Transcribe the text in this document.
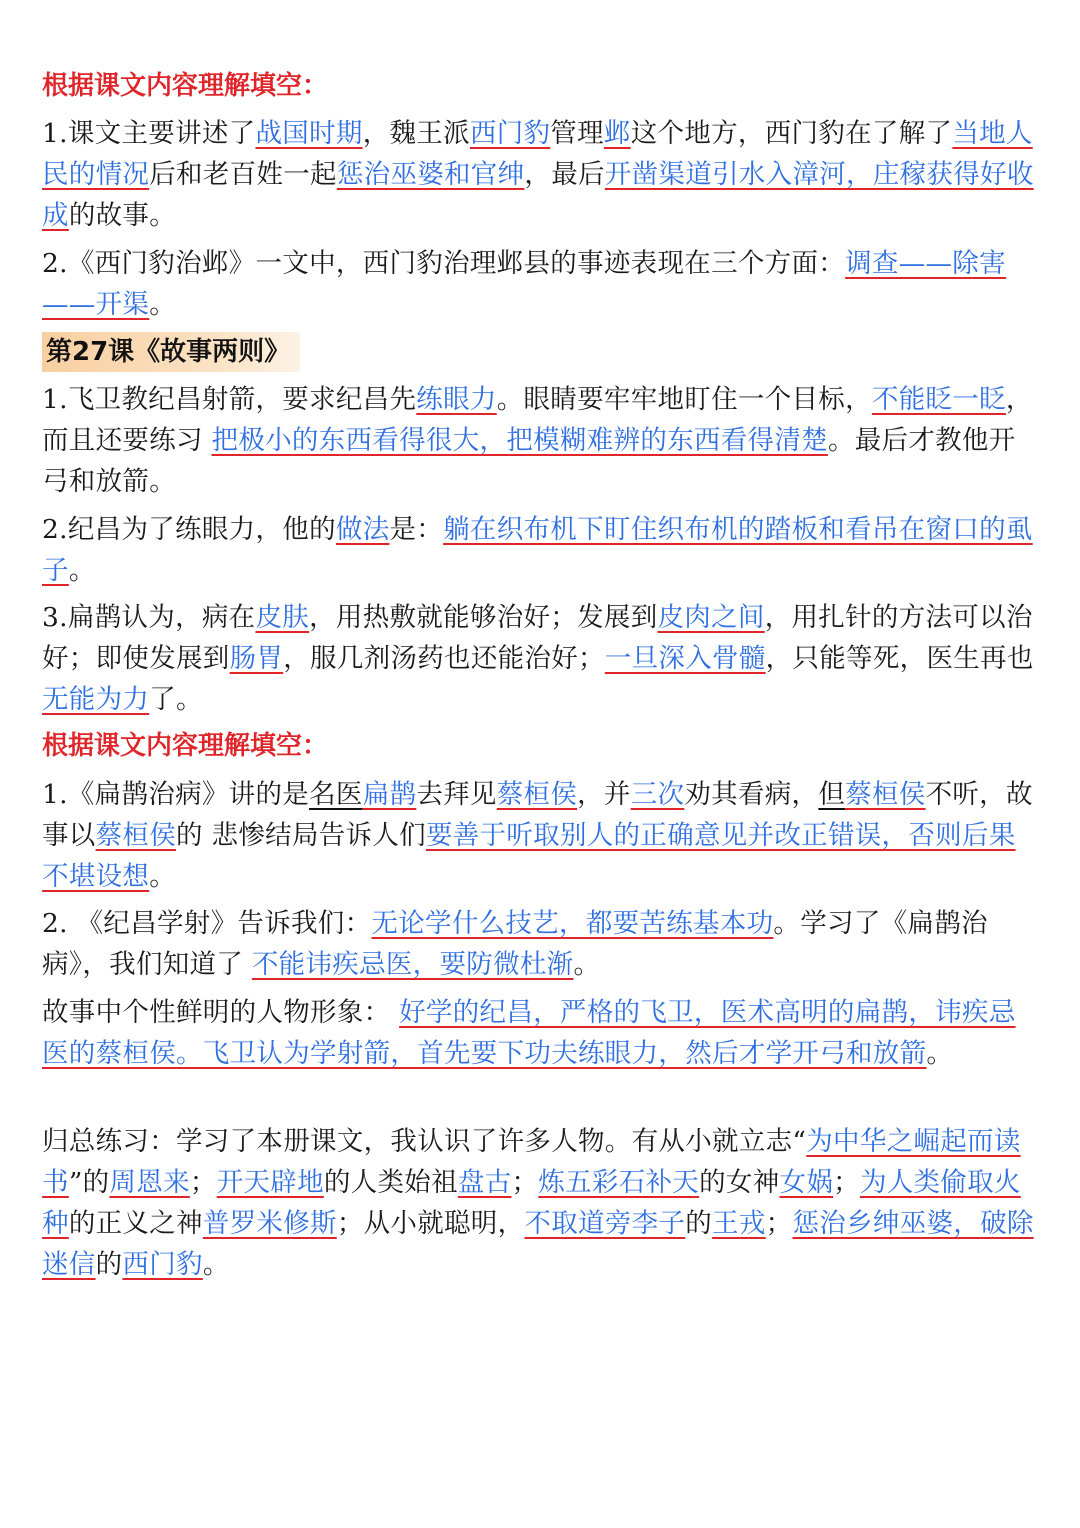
根据课文内容理解填空：
1.课文主要讲述了战国时期，魏王派西门豹管理邺这个地方，西门豹在了解了当地人民的情况后和老百姓一起惩治巫婆和官绅，最后开凿渠道引水入漳河，庄稼获得好收成的故事。
2.《西门豹治邺》一文中，西门豹治理邺县的事迹表现在三个方面：调查——除害——开渠。
第27课《故事两则》
1.飞卫教纪昌射箭，要求纪昌先练眼力。眼睛要牢牢地盯住一个目标，不能眨一眨，而且还要练习 把极小的东西看得很大，把模糊难辨的东西看得清楚。最后才教他开弓和放箭。
2.纪昌为了练眼力，他的做法是：躺在织布机下盯住织布机的踏板和看吊在窗口的虱子。
3.扁鹊认为，病在皮肤，用热敷就能够治好；发展到皮肉之间，用扎针的方法可以治好；即使发展到肠胃，服几剂汤药也还能治好；一旦深入骨髓，只能等死，医生再也无能为力了。
根据课文内容理解填空：
1.《扁鹊治病》讲的是名医扁鹊去拜见蔡桓侯，并三次劝其看病，但蔡桓侯不听，故事以蔡桓侯的 悲惨结局告诉人们要善于听取别人的正确意见并改正错误，否则后果不堪设想。
2. 《纪昌学射》告诉我们：无论学什么技艺，都要苦练基本功。学习了《扁鹊治病》，我们知道了 不能讳疾忌医，要防微杜渐。
故事中个性鲜明的人物形象： 好学的纪昌，严格的飞卫，医术高明的扁鹊，讳疾忌医的蔡桓侯。飞卫认为学射箭，首先要下功夫练眼力，然后才学开弓和放箭。
归总练习：学习了本册课文，我认识了许多人物。有从小就立志“为中华之崛起而读书”的周恩来；开天辟地的人类始祖盘古；炼五彩石补天的女神女娲；为人类偷取火种的正义之神普罗米修斯；从小就聪明，不取道旁李子的王戎；惩治乡绅巫婆，破除迷信的西门豹。
